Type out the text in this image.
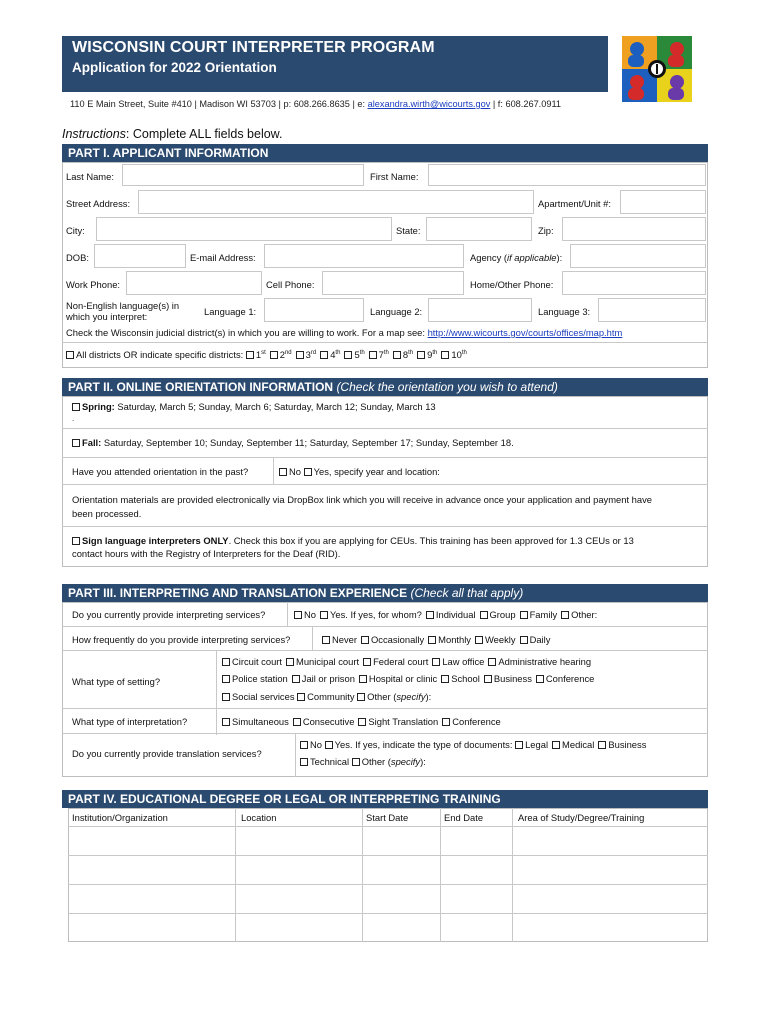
WISCONSIN COURT INTERPRETER PROGRAM
Application for 2022 Orientation
110 E Main Street, Suite #410 | Madison WI 53703 | p: 608.266.8635 | e: alexandra.wirth@wicourts.gov | f: 608.267.0911
Instructions: Complete ALL fields below.
PART I. APPLICANT INFORMATION
Last Name:	First Name:
Street Address:	Apartment/Unit #:
City:	State:	Zip:
DOB:	E-mail Address:	Agency (if applicable):
Work Phone:	Cell Phone:	Home/Other Phone:
Non-English language(s) in
which you interpret:	Language 1:	Language 2:	Language 3:
Check the Wisconsin judicial district(s) in which you are willing to work. For a map see: http://www.wicourts.gov/courts/offices/map.htm
All districts OR indicate specific districts: 1st 2nd 3rd 4th 5th 7th 8th 9th 10th
PART II. ONLINE ORIENTATION INFORMATION (Check the orientation you wish to attend)
Spring: Saturday, March 5; Sunday, March 6; Saturday, March 12; Sunday, March 13
.
Fall: Saturday, September 10; Sunday, September 11; Saturday, September 17; Sunday, September 18.
Have you attended orientation in the past?	No Yes, specify year and location:
Orientation materials are provided electronically via DropBox link which you will receive in advance once your application and payment have
been processed.
Sign language interpreters ONLY. Check this box if you are applying for CEUs. This training has been approved for 1.3 CEUs or 13
contact hours with the Registry of Interpreters for the Deaf (RID).
PART III. INTERPRETING AND TRANSLATION EXPERIENCE (Check all that apply)
Do you currently provide interpreting services?	No Yes. If yes, for whom? Individual Group Family Other:
How frequently do you provide interpreting services?	Never Occasionally Monthly Weekly Daily
What type of setting?
Circuit court Municipal court Federal court Law office Administrative hearing
Police station Jail or prison Hospital or clinic School Business Conference
Social services Community Other (specify):
What type of interpretation?	Simultaneous Consecutive Sight Translation Conference
Do you currently provide translation services?
No Yes. If yes, indicate the type of documents: Legal Medical Business
Technical Other (specify):
PART IV. EDUCATIONAL DEGREE OR LEGAL OR INTERPRETING TRAINING
Institution/Organization	Location	Start Date	End Date	Area of Study/Degree/Training
